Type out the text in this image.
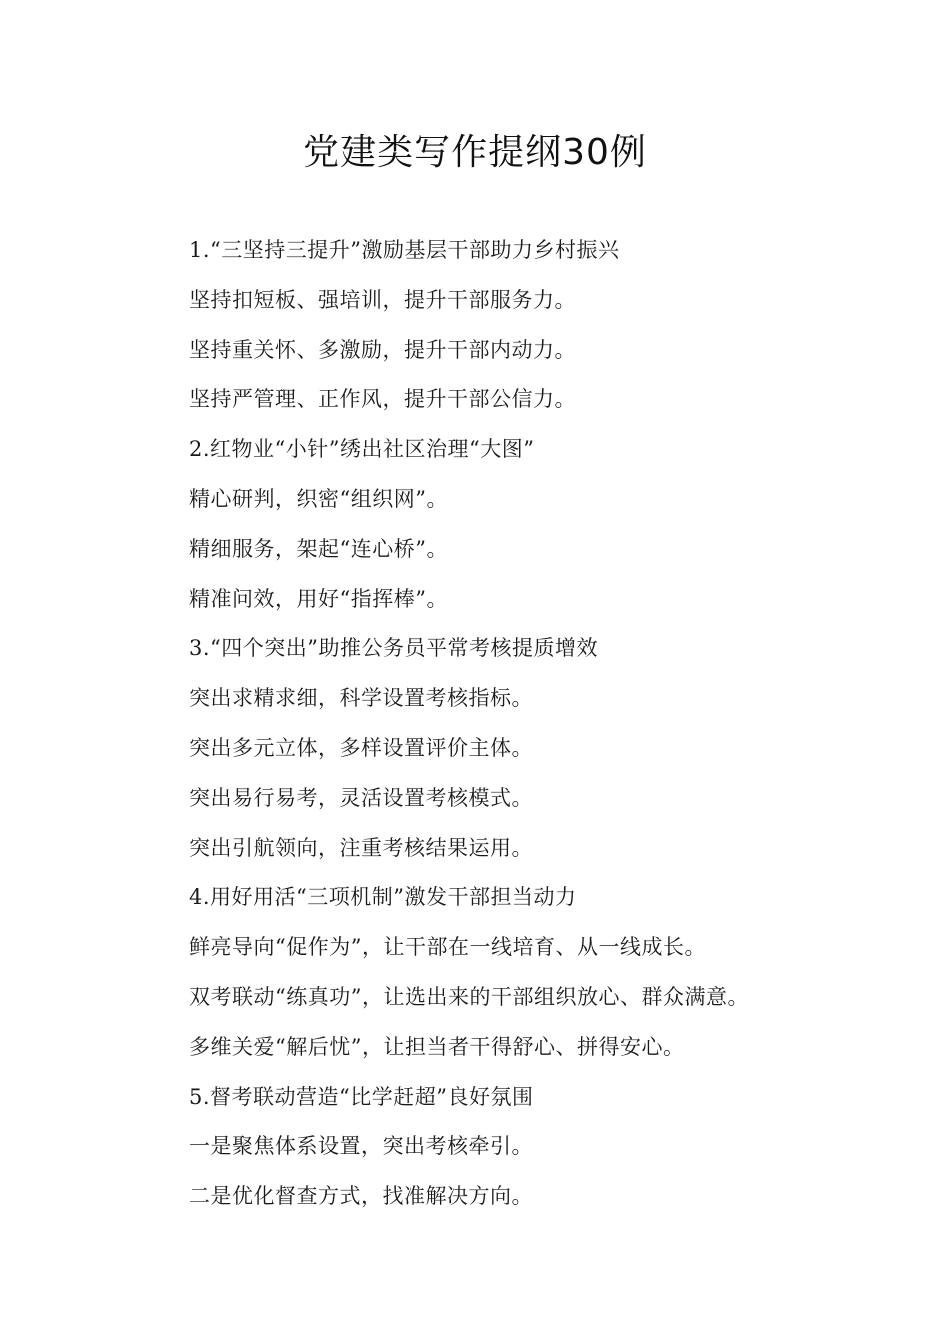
党建类写作提纲30例
1.“三坚持三提升”激励基层干部助力乡村振兴
坚持扣短板、强培训，提升干部服务力。
坚持重关怀、多激励，提升干部内动力。
坚持严管理、正作风，提升干部公信力。
2.红物业“小针”绣出社区治理“大图”
精心研判，织密“组织网”。
精细服务，架起“连心桥”。
精准问效，用好“指挥棒”。
3.“四个突出”助推公务员平常考核提质增效
突出求精求细，科学设置考核指标。
突出多元立体，多样设置评价主体。
突出易行易考，灵活设置考核模式。
突出引航领向，注重考核结果运用。
4.用好用活“三项机制”激发干部担当动力
鲜亮导向“促作为”，让干部在一线培育、从一线成长。
双考联动“练真功”，让选出来的干部组织放心、群众满意。
多维关爱“解后忧”，让担当者干得舒心、拼得安心。
5.督考联动营造“比学赶超”良好氛围
一是聚焦体系设置，突出考核牵引。
二是优化督查方式，找准解决方向。
